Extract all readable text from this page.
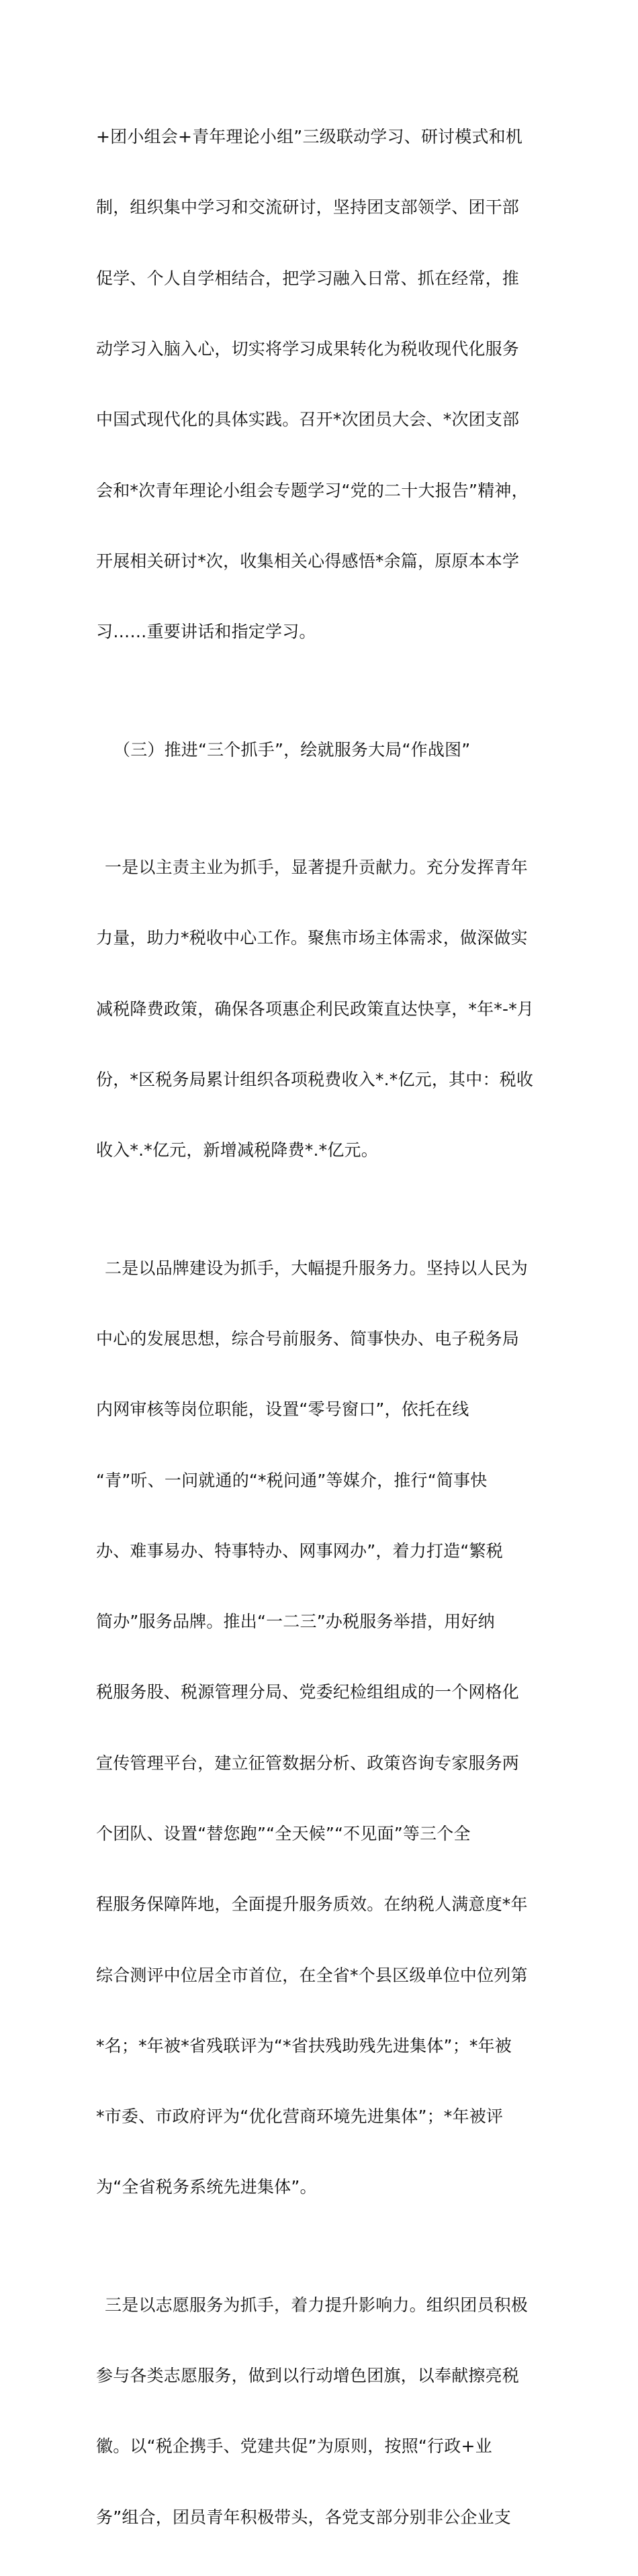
+团小组会+青年理论小组”三级联动学习、研讨模式和机

制，组织集中学习和交流研讨，坚持团支部领学、团干部

促学、个人自学相结合，把学习融入日常、抓在经常，推

动学习入脑入心，切实将学习成果转化为税收现代化服务

中国式现代化的具体实践。召开*次团员大会、*次团支部

会和*次青年理论小组会专题学习“党的二十大报告”精神，

开展相关研讨*次，收集相关心得感悟*余篇，原原本本学

习……重要讲话和指定学习。

（三）推进“三个抓手”，绘就服务大局“作战图”

一是以主责主业为抓手，显著提升贡献力。充分发挥青年

力量，助力*税收中心工作。聚焦市场主体需求，做深做实

减税降费政策，确保各项惠企利民政策直达快享，*年*-*月

份，*区税务局累计组织各项税费收入*.*亿元，其中：税收

收入*.*亿元，新增减税降费*.*亿元。

二是以品牌建设为抓手，大幅提升服务力。坚持以人民为

中心的发展思想，综合号前服务、简事快办、电子税务局

内网审核等岗位职能，设置“零号窗口”，依托在线

“青”听、一问就通的“*税问通”等媒介，推行“简事快

办、难事易办、特事特办、网事网办”，着力打造“繁税

简办”服务品牌。推出“一二三”办税服务举措，用好纳

税服务股、税源管理分局、党委纪检组组成的一个网格化

宣传管理平台，建立征管数据分析、政策咨询专家服务两

个团队、设置“替您跑”“全天候”“不见面”等三个全

程服务保障阵地，全面提升服务质效。在纳税人满意度*年

综合测评中位居全市首位，在全省*个县区级单位中位列第

*名；*年被*省残联评为“*省扶残助残先进集体”；*年被

*市委、市政府评为“优化营商环境先进集体”；*年被评

为“全省税务系统先进集体”。

三是以志愿服务为抓手，着力提升影响力。组织团员积极

参与各类志愿服务，做到以行动增色团旗，以奉献擦亮税

徽。以“税企携手、党建共促”为原则，按照“行政+业

务”组合，团员青年积极带头，各党支部分别非公企业支
